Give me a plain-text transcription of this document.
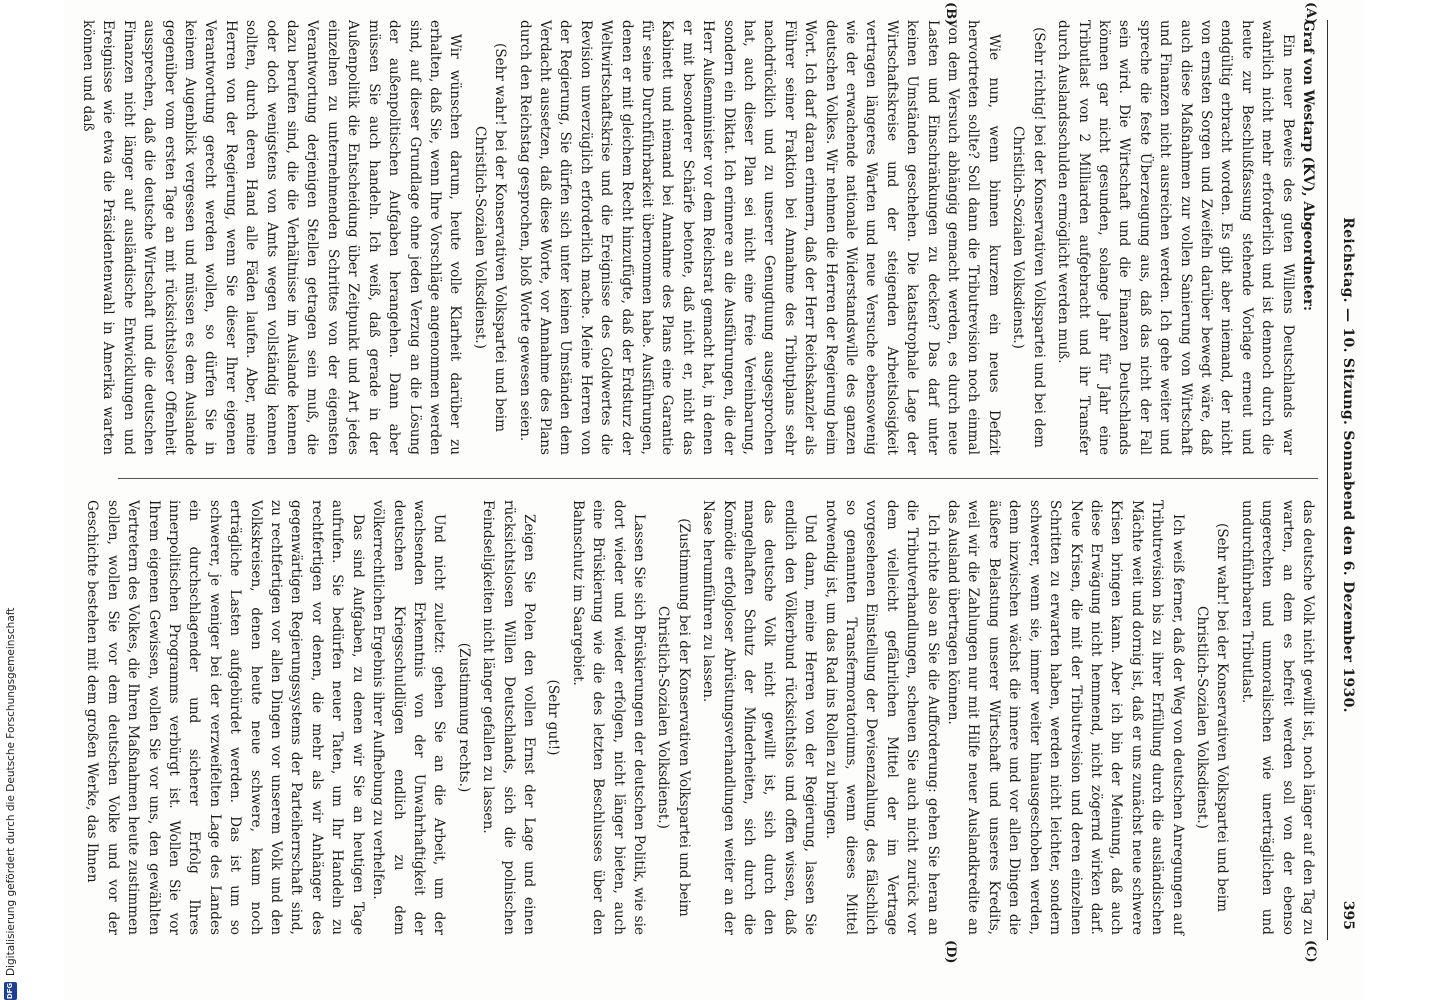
Reichstag. — 10. Sitzung. Sonnabend den 6. Dezember 1930.
395
(A)
(B)
(C)
(D)

Graf von Westarp (KV), Abgeordneter:

Ein neuer Beweis des guten Willens Deutschlands war wahrlich nicht mehr erforderlich und ist dennoch durch die heute zur Beschlußfassung stehende Vorlage erneut und endgültig erbracht worden. Es gibt aber niemand, der nicht von ernsten Sorgen und Zweifeln darüber bewegt wäre, daß auch diese Maßnahmen zur vollen Sanierung von Wirtschaft und Finanzen nicht ausreichen werden. Ich gehe weiter und spreche die feste Überzeugung aus, daß das nicht der Fall sein wird. Die Wirtschaft und die Finanzen Deutschlands können gar nicht gesunden, solange Jahr für Jahr eine Tributlast von 2 Milliarden aufgebracht und ihr Transfer durch Auslandsschulden ermöglicht werden muß.

(Sehr richtig! bei der Konservativen Volkspartei und bei dem Christlich-Sozialen Volksdienst.)

Wie nun, wenn binnen kurzem ein neues Defizit hervortreten sollte? Soll dann die Tributrevision noch einmal von dem Versuch abhängig gemacht werden, es durch neue Lasten und Einschränkungen zu decken? Das darf unter keinen Umständen geschehen. Die katastrophale Lage der Wirtschaftskreise und der steigenden Arbeitslosigkeit vertragen längeres Warten und neue Versuche ebensowenig wie der erwachende nationale Widerstandswille des ganzen deutschen Volkes. Wir nehmen die Herren der Regierung beim Wort. Ich darf daran erinnern, daß der Herr Reichskanzler als Führer seiner Fraktion bei Annahme des Tributplans sehr nachdrücklich und zu unserer Genugtuung ausgesprochen hat, auch dieser Plan sei nicht eine freie Vereinbarung, sondern ein Diktat. Ich erinnere an die Ausführungen, die der Herr Außenminister vor dem Reichsrat gemacht hat, in denen er mit besonderer Schärfe betonte, daß nicht er, nicht das Kabinett und niemand bei Annahme des Plans eine Garantie für seine Durchführbarkeit übernommen habe. Ausführungen, denen er mit gleichem Recht hinzufügte, daß der Erdsturz der Weltwirtschaftskrise und die Ereignisse des Goldwertes die Revision unverzüglich erforderlich mache. Meine Herren von der Regierung, Sie dürfen sich unter keinen Umständen dem Verdacht aussetzen, daß diese Worte, vor Annahme des Plans durch den Reichstag gesprochen, bloß Worte gewesen seien.

(Sehr wahr! bei der Konservativen Volkspartei und beim Christlich-Sozialen Volksdienst.)

Wir wünschen darum, heute volle Klarheit darüber zu erhalten, daß Sie, wenn Ihre Vorschläge angenommen werden sind, auf dieser Grundlage ohne jeden Verzug an die Lösung der außenpolitischen Aufgaben herangehen. Dann aber müssen Sie auch handeln. Ich weiß, daß gerade in der Außenpolitik die Entscheidung über Zeitpunkt und Art jedes einzelnen zu unternehmenden Schrittes von der eigensten Verantwortung derjenigen Stellen getragen sein muß, die dazu berufen sind, die die Verhältnisse im Auslande kennen oder doch wenigstens von Amts wegen vollständig kennen sollten, durch deren Hand alle Fäden laufen. Aber, meine Herren von der Regierung, wenn Sie dieser Ihrer eigenen Verantwortung gerecht werden wollen, so dürfen Sie in keinem Augenblick vergessen und müssen es dem Auslande gegenüber vom ersten Tage an mit rücksichtsloser Offenheit aussprechen, daß die deutsche Wirtschaft und die deutschen Finanzen nicht länger auf ausländische Entwicklungen und Ereignisse wie etwa die Präsidentenwahl in Amerika warten können und daß

das deutsche Volk nicht gewillt ist, noch länger auf den Tag zu warten, an dem es befreit werden soll von der ebenso ungerechten und unmoralischen wie unerträglichen und undurchführbaren Tributlast.

(Sehr wahr! bei der Konservativen Volkspartei und beim Christlich-Sozialen Volksdienst.)

Ich weiß ferner, daß der Weg von deutschen Anregungen auf Tributrevision bis zu ihrer Erfüllung durch die ausländischen Mächte weit und dornig ist, daß er uns zunächst neue schwere Krisen bringen kann. Aber ich bin der Meinung, daß auch diese Erwägung nicht hemmend, nicht zögernd wirken darf. Neue Krisen, die mit der Tributrevision und deren einzelnen Schritten zu erwarten haben, werden nicht leichter, sondern schwerer, wenn sie, immer weiter hinausgeschoben werden, denn inzwischen wächst die innere und vor allen Dingen die äußere Belastung unserer Wirtschaft und unseres Kredits, weil wir die Zahlungen nur mit Hilfe neuer Auslandkredite an das Ausland übertragen können.

Ich richte also an Sie die Aufforderung: gehen Sie heran an die Tributverhandlungen, scheuen Sie auch nicht zurück vor dem vielleicht gefährlichen Mittel der im Vertrage vorgesehenen Einstellung der Devisenzahlung, des fälschlich so genannten Transfermoratoriums, wenn dieses Mittel notwendig ist, um das Rad ins Rollen zu bringen.

Und dann, meine Herren von der Regierung, lassen Sie endlich den Völkerbund rücksichtslos und offen wissen, daß das deutsche Volk nicht gewillt ist, sich durch den mangelhaften Schutz der Minderheiten, sich durch die Komödie erfolgloser Abrüstungsverhandlungen weiter an der Nase herumführen zu lassen.

(Zustimmung bei der Konservativen Volkspartei und beim Christlich-Sozialen Volksdienst.)

Lassen Sie sich Brüskierungen der deutschen Politik, wie sie dort wieder und wieder erfolgen, nicht länger bieten, auch eine Brüskierung wie die des letzten Beschlusses über den Bahnschutz im Saargebiet.

(Sehr gut!)

Zeigen Sie Polen den vollen Ernst der Lage und einen rücksichtslosen Willen Deutschlands, sich die polnischen Feindseligkeiten nicht länger gefallen zu lassen.

(Zustimmung rechts.)

Und nicht zuletzt: gehen Sie an die Arbeit, um der wachsenden Erkenntnis von der Unwahrhaftigkeit der deutschen Kriegsschuldlügen endlich zu dem völkerrechtlichen Ergebnis ihrer Aufhebung zu verhelfen.

Das sind Aufgaben, zu denen wir Sie an heutigen Tage aufrufen. Sie bedürfen neuer Taten, um Ihr Handeln zu rechtfertigen vor denen, die mehr als wir Anhänger des gegenwärtigen Regierungssystems der Parteiherrschaft sind, zu rechtfertigen vor allen Dingen vor unserem Volk und den Volkskreisen, denen heute neue schwere, kaum noch erträgliche Lasten aufgebürdet werden. Das ist um so schwerer, je weniger bei der verzweifelten Lage des Landes ein durchschlagender und sicherer Erfolg Ihres innerpolitischen Programms verbürgt ist. Wollen Sie vor Ihrem eigenen Gewissen, wollen Sie vor uns, den gewählten Vertretern des Volkes, die Ihren Maßnahmen heute zustimmen sollen, wollen Sie vor dem deutschen Volke und vor der Geschichte bestehen mit dem großen Werke, das Ihnen

DFG
Digitalisierung gefördert durch die Deutsche Forschungsgemeinschaft
